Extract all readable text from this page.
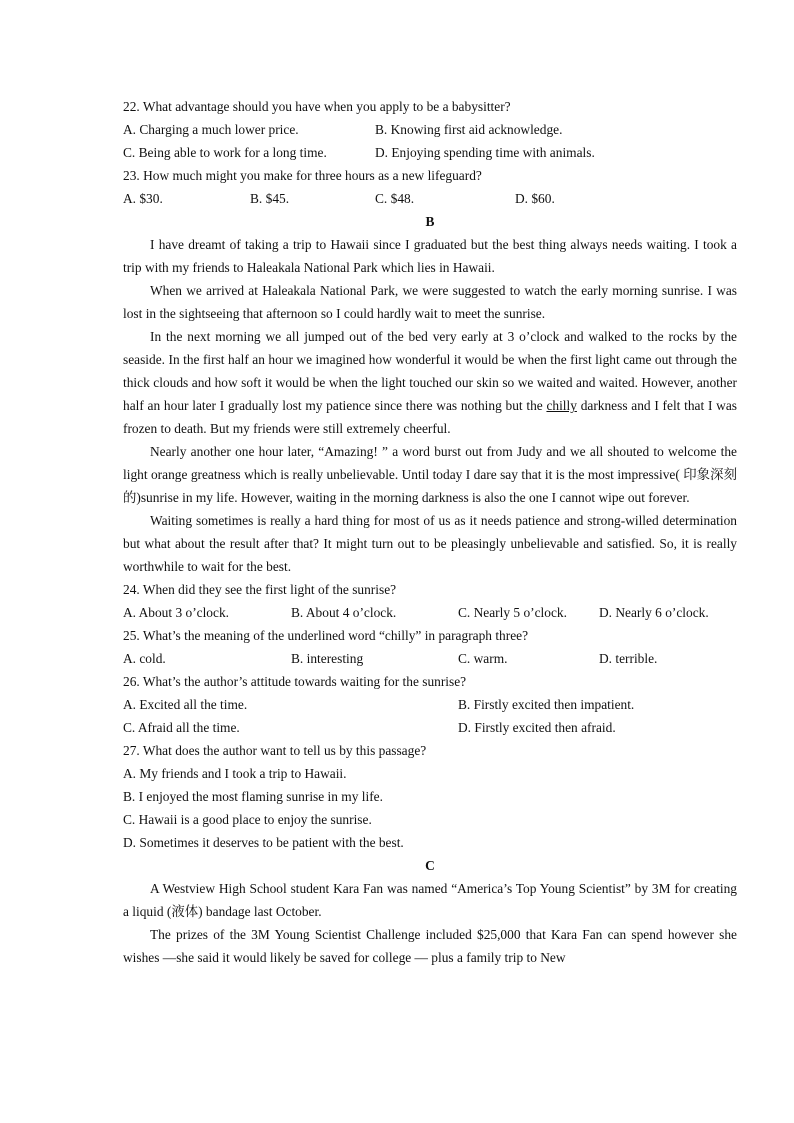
22. What advantage should you have when you apply to be a babysitter?
A. Charging a much lower price.	B. Knowing first aid acknowledge.
C. Being able to work for a long time.	D. Enjoying spending time with animals.
23. How much might you make for three hours as a new lifeguard?
A. $30.	B. $45.	C. $48.	D. $60.
B

I have dreamt of taking a trip to Hawaii since I graduated but the best thing always needs waiting. I took a trip with my friends to Haleakala National Park which lies in Hawaii.

When we arrived at Haleakala National Park, we were suggested to watch the early morning sunrise. I was lost in the sightseeing that afternoon so I could hardly wait to meet the sunrise.

In the next morning we all jumped out of the bed very early at 3 o’clock and walked to the rocks by the seaside. In the first half an hour we imagined how wonderful it would be when the first light came out through the thick clouds and how soft it would be when the light touched our skin so we waited and waited. However, another half an hour later I gradually lost my patience since there was nothing but the chilly darkness and I felt that I was frozen to death. But my friends were still extremely cheerful.

Nearly another one hour later, “Amazing! ” a word burst out from Judy and we all shouted to welcome the light orange greatness which is really unbelievable. Until today I dare say that it is the most impressive( 印象深刻的)sunrise in my life. However, waiting in the morning darkness is also the one I cannot wipe out forever.

Waiting sometimes is really a hard thing for most of us as it needs patience and strong-willed determination but what about the result after that? It might turn out to be pleasingly unbelievable and satisfied. So, it is really worthwhile to wait for the best.

24. When did they see the first light of the sunrise?
A. About 3 o’clock.	B. About 4 o’clock.	C. Nearly 5 o’clock. D. Nearly 6 o’clock.
25. What’s the meaning of the underlined word “chilly” in paragraph three?
A. cold.	B. interesting	C. warm.	D. terrible.
26. What’s the author’s attitude towards waiting for the sunrise?
A. Excited all the time.	B. Firstly excited then impatient.
C. Afraid all the time.	D. Firstly excited then afraid.
27. What does the author want to tell us by this passage?
A. My friends and I took a trip to Hawaii.
B. I enjoyed the most flaming sunrise in my life.
C. Hawaii is a good place to enjoy the sunrise.
D. Sometimes it deserves to be patient with the best.
C

A Westview High School student Kara Fan was named “America’s Top Young Scientist” by 3M for creating a liquid (液体) bandage last October.

The prizes of the 3M Young Scientist Challenge included $25,000 that Kara Fan can spend however she wishes —she said it would likely be saved for college — plus a family trip to New
